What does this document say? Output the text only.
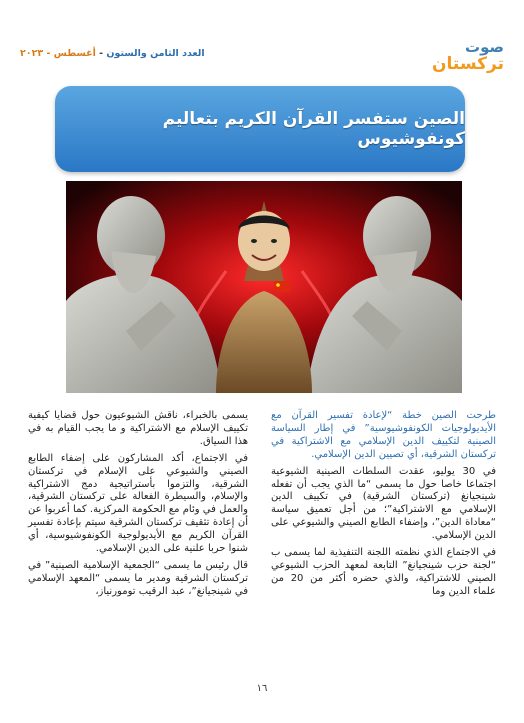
صوت
تركستان
العدد الثامن والستون - أغسطس - ٢٠٢٣
الصين ستفسر القرآن الكريم بتعاليم كونفوشيوس

طرحت الصين خطة “لإعادة تفسير القرآن مع الأيديولوجيات الكونفوشيوسية” في إطار السياسة الصينية لتكييف الدين الإسلامي مع الاشتراكية في تركستان الشرقية، أي تصيين الدين الإسلامي.

في 30 يوليو، عقدت السلطات الصينية الشيوعية اجتماعا خاصا حول ما يسمى “ما الذي يجب أن تفعله شينجيانغ (تركستان الشرقية) في تكييف الدين الإسلامي مع الاشتراكية”؛ من أجل تعميق سياسة “معاداة الدين”، وإضفاء الطابع الصيني والشيوعي على الدين الإسلامي.

في الاجتماع الذي نظمته اللجنة التنفيذية لما يسمى ب “لجنة حزب شينجيانغ” التابعة لمعهد الحزب الشيوعي الصيني للاشتراكية، والذي حضره أكثر من 20 من علماء الدين وما

يسمى بالخبراء، ناقش الشيوعيون حول قضايا كيفية تكييف الإسلام مع الاشتراكية و ما يجب القيام به في هذا السياق.

في الاجتماع، أكد المشاركون على إضفاء الطابع الصيني والشيوعي على الإسلام في تركستان الشرقية، والتزموا بأستراتيجية دمج الاشتراكية والإسلام، والسيطرة الفعالة على تركستان الشرقية، والعمل في وئام مع الحكومة المركزية. كما أعربوا عن أن إعادة تثقيف تركستان الشرقية سيتم بإعادة تفسير القرآن الكريم مع الأيديولوجية الكونفوشيوسية، أي شنوا حربا علنية على الدين الإسلامي.

قال رئيس ما يسمى “الجمعية الإسلامية الصينية” في تركستان الشرقية ومدير ما يسمى “المعهد الإسلامي في شينجيانغ”، عبد الرقيب تومورنياز،

١٦
